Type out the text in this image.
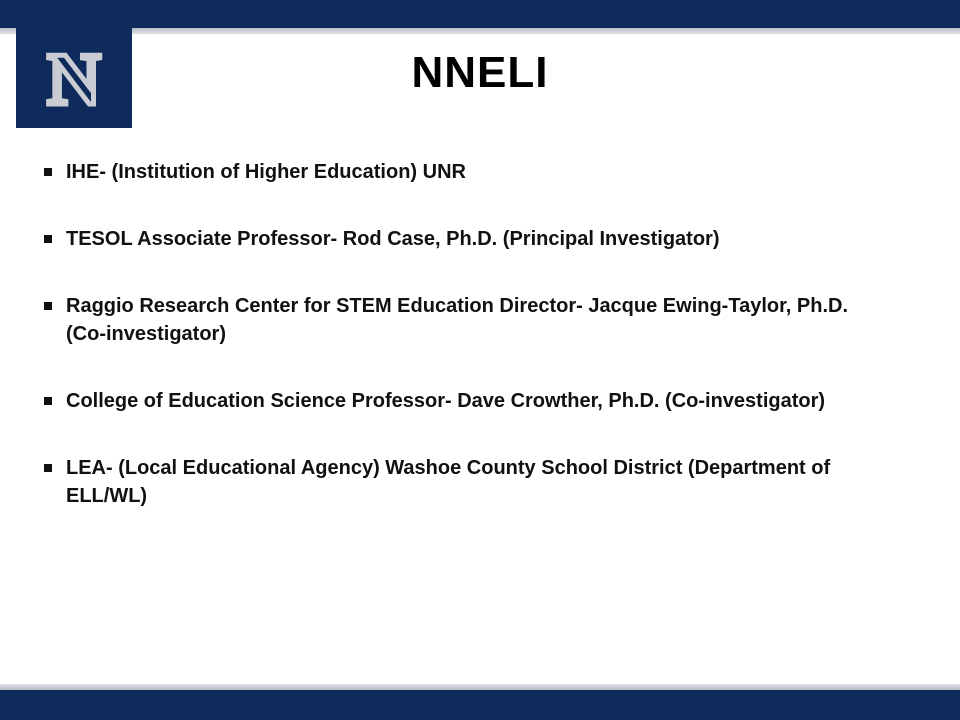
N	NNELI
IHE- (Institution of Higher Education) UNR
TESOL Associate Professor- Rod Case, Ph.D. (Principal Investigator)
Raggio Research Center for STEM Education Director- Jacque Ewing-Taylor, Ph.D. (Co-investigator)
College of Education Science Professor- Dave Crowther, Ph.D. (Co-investigator)
LEA- (Local Educational Agency) Washoe County School District (Department of ELL/WL)
